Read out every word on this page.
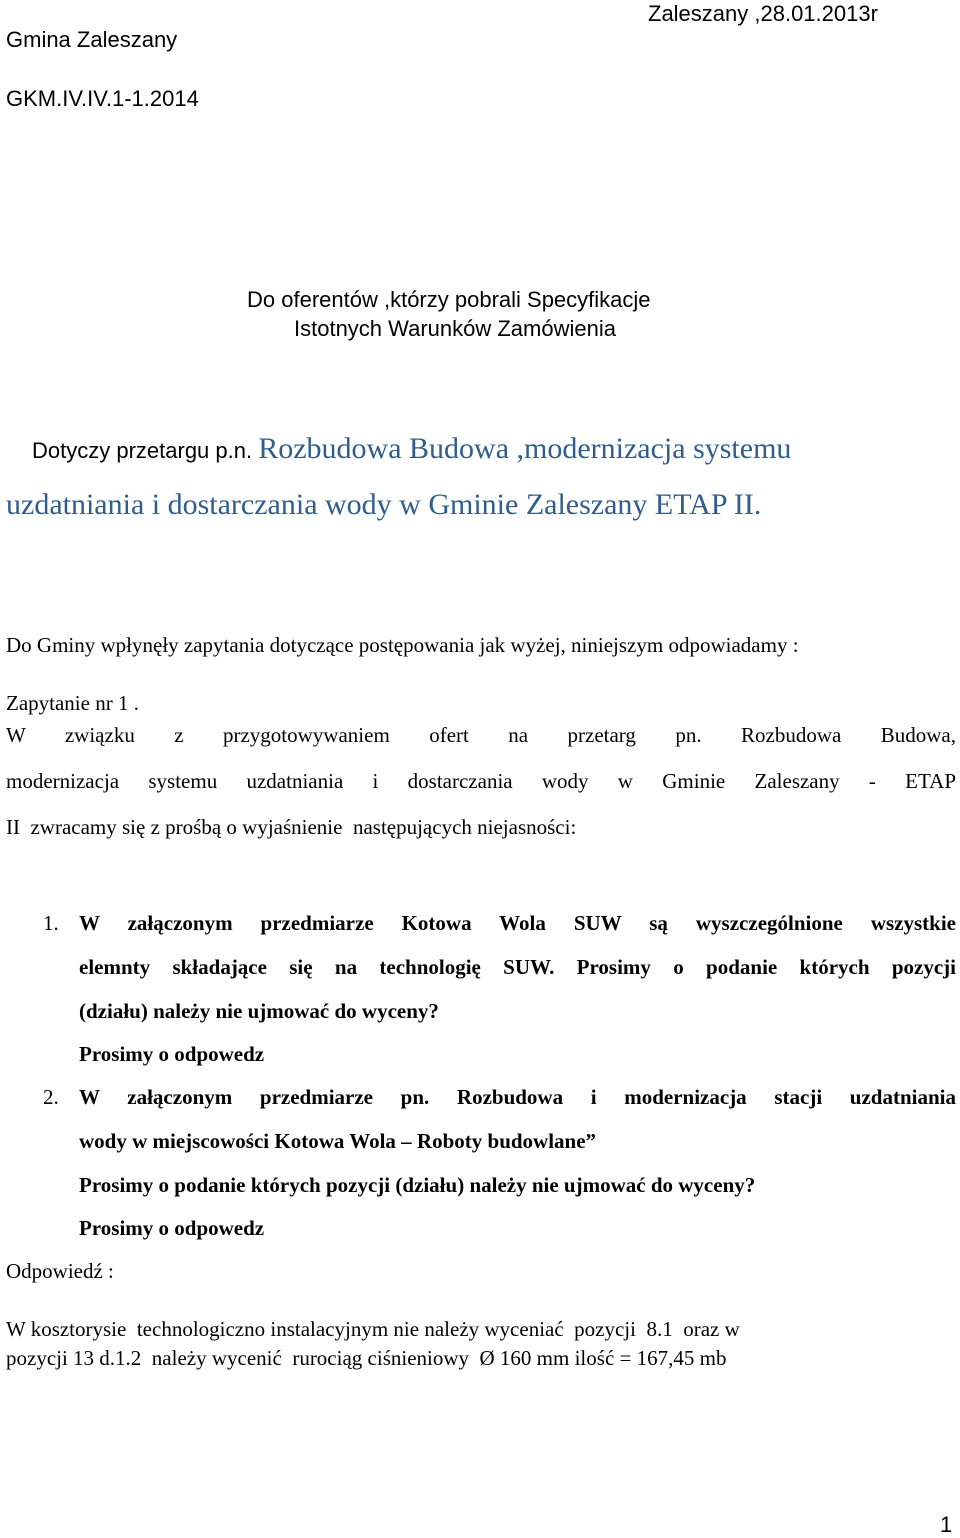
Gmina Zaleszany
Zaleszany ,28.01.2013r
GKM.IV.IV.1-1.2014
Do oferentów ,którzy pobrali Specyfikacje
Istotnych Warunków Zamówienia
Dotyczy przetargu p.n. Rozbudowa Budowa ,modernizacja systemu
uzdatniania i dostarczania wody w Gminie Zaleszany ETAP II.
Do Gminy wpłynęły zapytania dotyczące postępowania jak wyżej, niniejszym odpowiadamy :
Zapytanie nr 1 .
W związku z przygotowywaniem ofert na przetarg pn. Rozbudowa Budowa,
modernizacja systemu uzdatniania i dostarczania wody w Gminie Zaleszany - ETAP
II  zwracamy się z prośbą o wyjaśnienie  następujących niejasności:
1. W załączonym przedmiarze Kotowa Wola SUW są wyszczególnione wszystkie
elemnty składające się na technologię SUW. Prosimy o podanie których pozycji
(działu) należy nie ujmować do wyceny?
Prosimy o odpowedz
2. W załączonym przedmiarze pn. Rozbudowa i modernizacja stacji uzdatniania
wody w miejscowości Kotowa Wola – Roboty budowlane”
Prosimy o podanie których pozycji (działu) należy nie ujmować do wyceny?
Prosimy o odpowedz
Odpowiedź :
W kosztorysie  technologiczno instalacyjnym nie należy wyceniać  pozycji  8.1  oraz w
pozycji 13 d.1.2  należy wycenić  rurociąg ciśnieniowy  Ø 160 mm ilość = 167,45 mb
1
